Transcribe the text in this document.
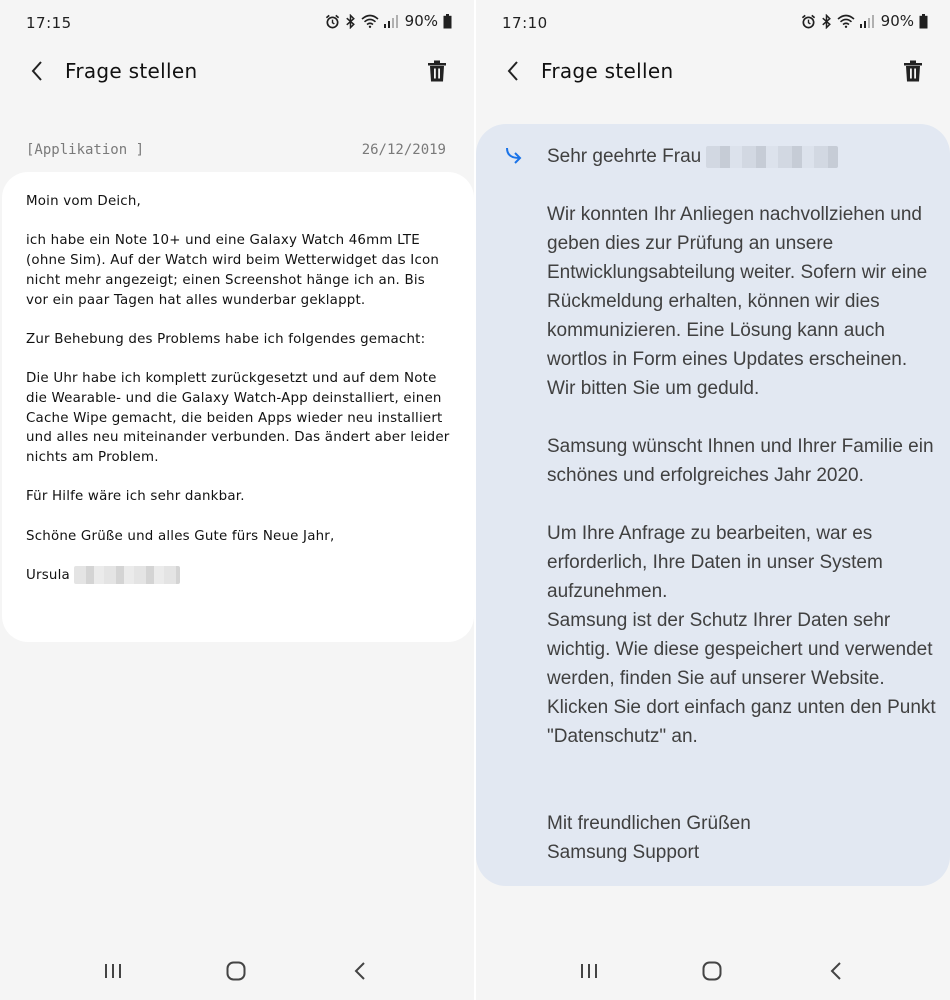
17:15	90%
Frage stellen
[Applikation ]	26/12/2019

Moin vom Deich,

ich habe ein Note 10+ und eine Galaxy Watch 46mm LTE (ohne Sim). Auf der Watch wird beim Wetterwidget das Icon nicht mehr angezeigt; einen Screenshot hänge ich an. Bis vor ein paar Tagen hat alles wunderbar geklappt.

Zur Behebung des Problems habe ich folgendes gemacht:

Die Uhr habe ich komplett zurückgesetzt und auf dem Note die Wearable- und die Galaxy Watch-App deinstalliert, einen Cache Wipe gemacht, die beiden Apps wieder neu installiert und alles neu miteinander verbunden. Das ändert aber leider nichts am Problem.

Für Hilfe wäre ich sehr dankbar.

Schöne Grüße und alles Gute fürs Neue Jahr,

Ursula

17:10	90%
Frage stellen

Sehr geehrte Frau

Wir konnten Ihr Anliegen nachvollziehen und geben dies zur Prüfung an unsere Entwicklungsabteilung weiter. Sofern wir eine Rückmeldung erhalten, können wir dies kommunizieren. Eine Lösung kann auch wortlos in Form eines Updates erscheinen. Wir bitten Sie um geduld.

Samsung wünscht Ihnen und Ihrer Familie ein schönes und erfolgreiches Jahr 2020.

Um Ihre Anfrage zu bearbeiten, war es erforderlich, Ihre Daten in unser System aufzunehmen.

Samsung ist der Schutz Ihrer Daten sehr wichtig. Wie diese gespeichert und verwendet werden, finden Sie auf unserer Website. Klicken Sie dort einfach ganz unten den Punkt "Datenschutz" an.

Mit freundlichen Grüßen

Samsung Support
